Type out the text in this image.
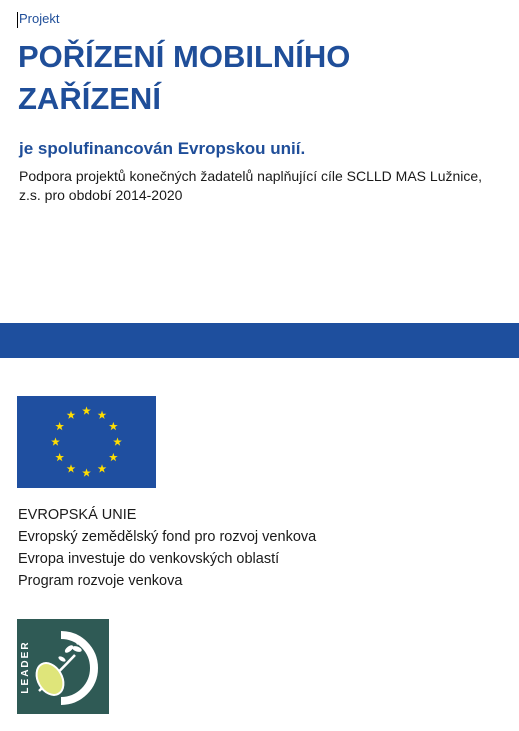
Projekt
POŘÍZENÍ MOBILNÍHO ZAŘÍZENÍ
je spolufinancován Evropskou unií.
Podpora projektů konečných žadatelů naplňující cíle SCLLD MAS Lužnice, z.s. pro období 2014-2020
EVROPSKÁ UNIE
Evropský zemědělský fond pro rozvoj venkova
Evropa investuje do venkovských oblastí
Program rozvoje venkova
LEADER
